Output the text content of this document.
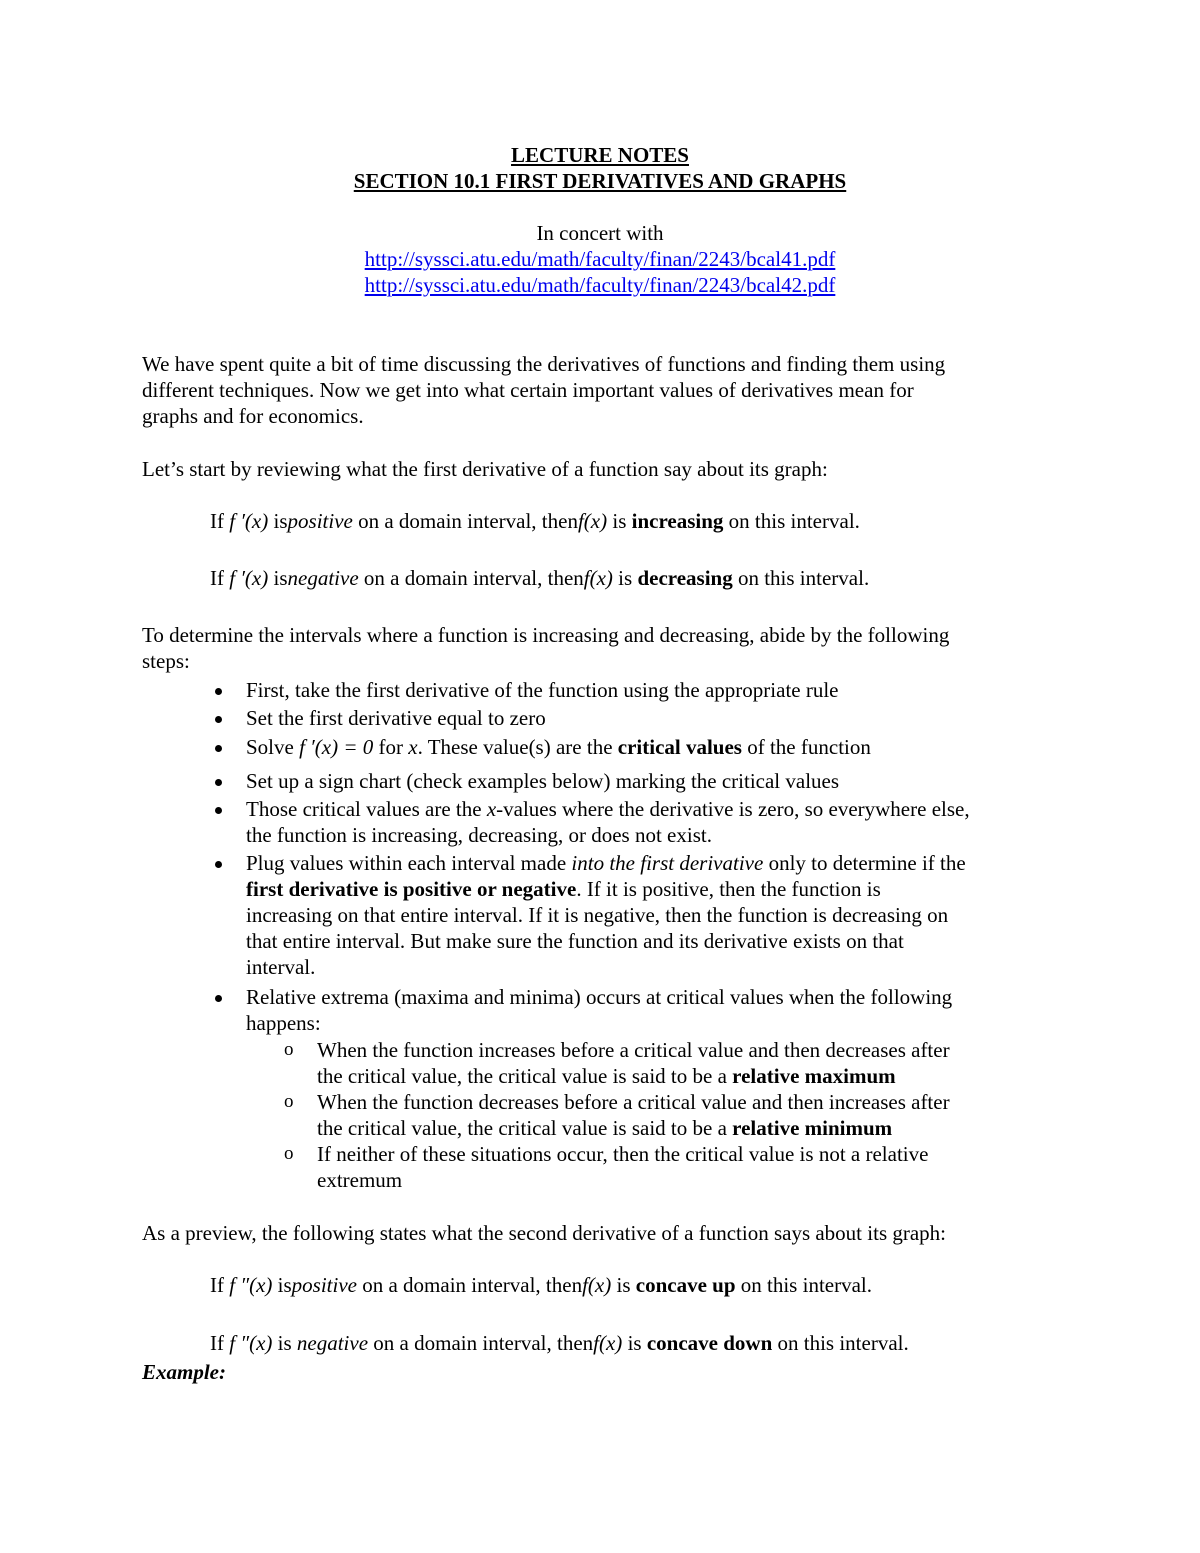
LECTURE NOTES
SECTION 10.1 FIRST DERIVATIVES AND GRAPHS
In concert with
http://syssci.atu.edu/math/faculty/finan/2243/bcal41.pdf
http://syssci.atu.edu/math/faculty/finan/2243/bcal42.pdf
We have spent quite a bit of time discussing the derivatives of functions and finding them using
different techniques. Now we get into what certain important values of derivatives mean for
graphs and for economics.
Let’s start by reviewing what the first derivative of a function say about its graph:
If f ′(x) ispositive on a domain interval, thenf(x) is increasing on this interval.
If f ′(x) isnegative on a domain interval, thenf(x) is decreasing on this interval.
To determine the intervals where a function is increasing and decreasing, abide by the following
steps:
First, take the first derivative of the function using the appropriate rule
Set the first derivative equal to zero
Solve f ′(x) = 0 for x. These value(s) are the critical values of the function
Set up a sign chart (check examples below) marking the critical values
Those critical values are the x-values where the derivative is zero, so everywhere else,
the function is increasing, decreasing, or does not exist.
Plug values within each interval made into the first derivative only to determine if the
first derivative is positive or negative. If it is positive, then the function is
increasing on that entire interval. If it is negative, then the function is decreasing on
that entire interval. But make sure the function and its derivative exists on that
interval.
Relative extrema (maxima and minima) occurs at critical values when the following
happens:
o When the function increases before a critical value and then decreases after
the critical value, the critical value is said to be a relative maximum
o When the function decreases before a critical value and then increases after
the critical value, the critical value is said to be a relative minimum
o If neither of these situations occur, then the critical value is not a relative
extremum
As a preview, the following states what the second derivative of a function says about its graph:
If f ″(x) ispositive on a domain interval, thenf(x) is concave up on this interval.
If f ″(x) is negative on a domain interval, thenf(x) is concave down on this interval.
Example:
